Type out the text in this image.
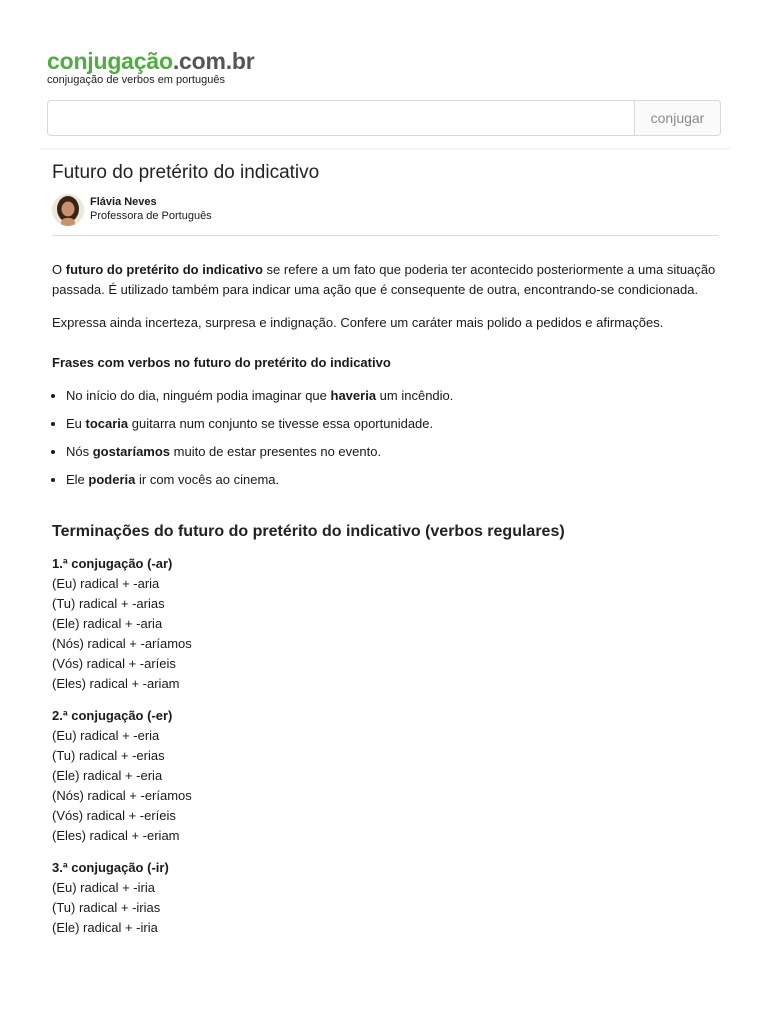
conjugação.com.br
conjugação de verbos em português
conjugar
Futuro do pretérito do indicativo
Flávia Neves
Professora de Português

O futuro do pretérito do indicativo se refere a um fato que poderia ter acontecido posteriormente a uma situação passada. É utilizado também para indicar uma ação que é consequente de outra, encontrando-se condicionada.

Expressa ainda incerteza, surpresa e indignação. Confere um caráter mais polido a pedidos e afirmações.

Frases com verbos no futuro do pretérito do indicativo

• No início do dia, ninguém podia imaginar que haveria um incêndio.
• Eu tocaria guitarra num conjunto se tivesse essa oportunidade.
• Nós gostaríamos muito de estar presentes no evento.
• Ele poderia ir com vocês ao cinema.
Terminações do futuro do pretérito do indicativo (verbos regulares)
1.ª conjugação (-ar)
(Eu) radical + -aria
(Tu) radical + -arias
(Ele) radical + -aria
(Nós) radical + -aríamos
(Vós) radical + -aríeis
(Eles) radical + -ariam
2.ª conjugação (-er)
(Eu) radical + -eria
(Tu) radical + -erias
(Ele) radical + -eria
(Nós) radical + -eríamos
(Vós) radical + -eríeis
(Eles) radical + -eriam
3.ª conjugação (-ir)
(Eu) radical + -iria
(Tu) radical + -irias
(Ele) radical + -iria
